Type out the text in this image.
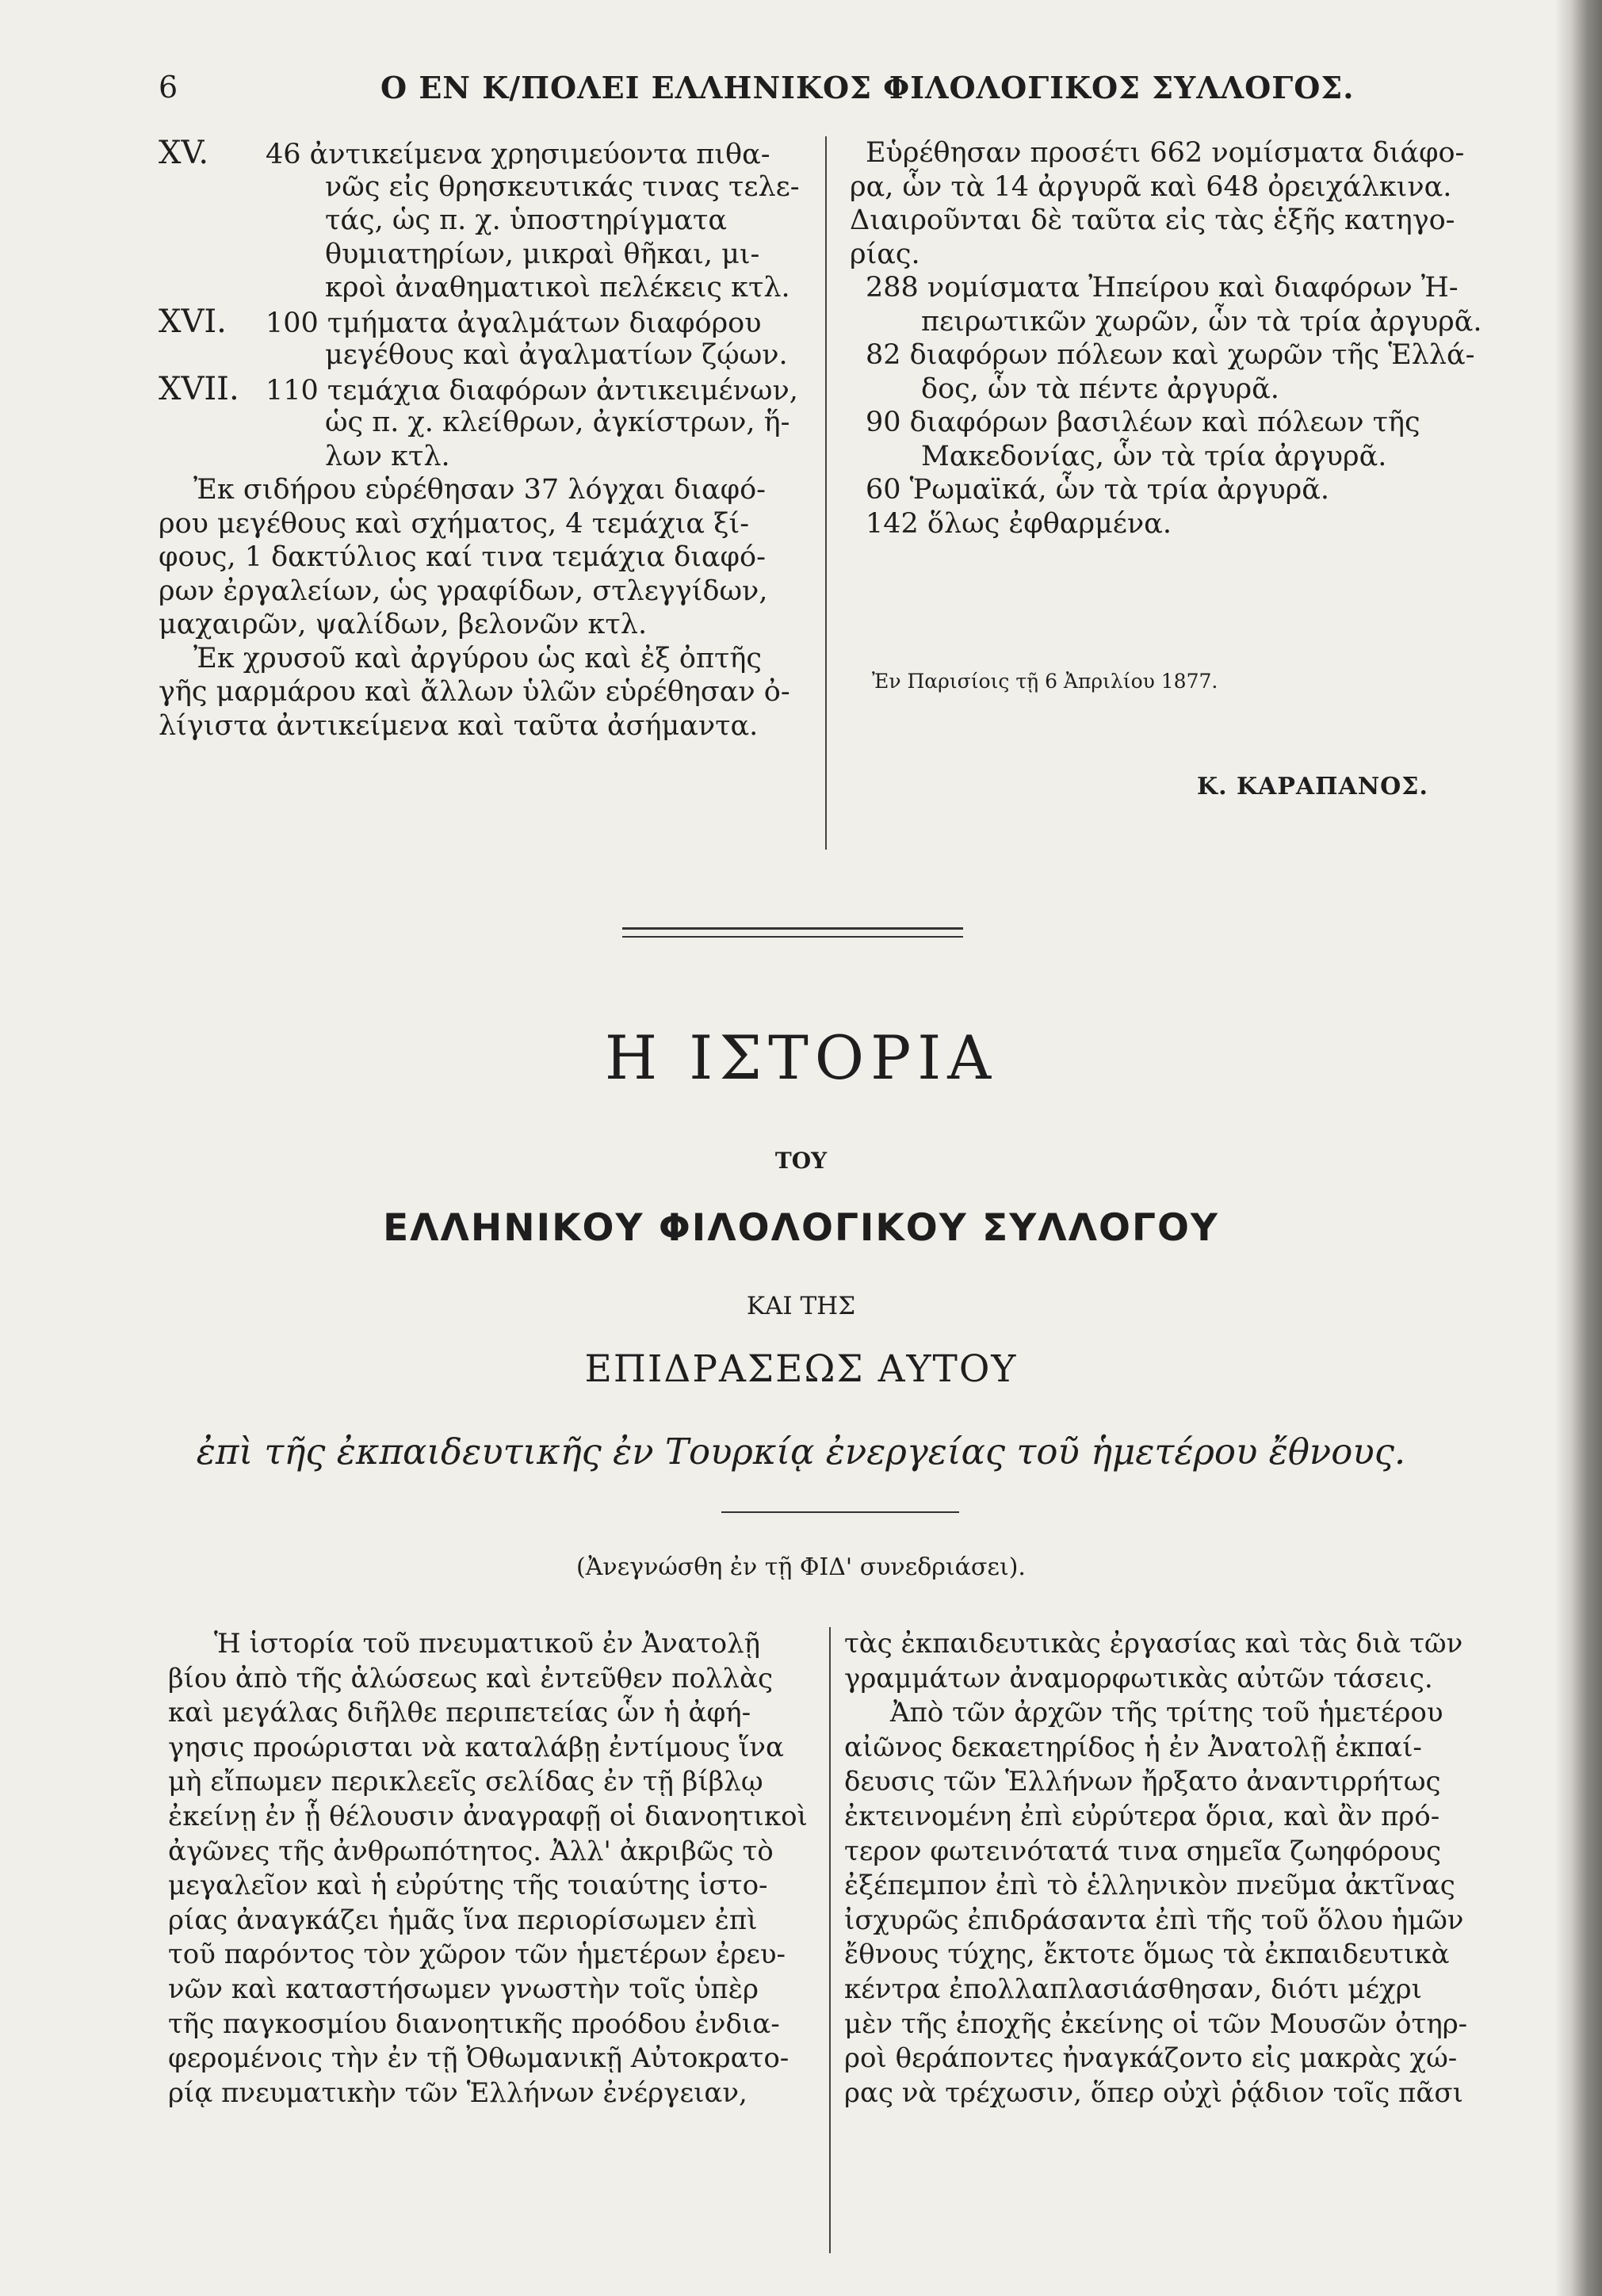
6	Ο ΕΝ Κ/ΠΟΛΕΙ ΕΛΛΗΝΙΚΟΣ ΦΙΛΟΛΟΓΙΚΟΣ ΣΥΛΛΟΓΟΣ.
XV. 46 ἀντικείμενα χρησιμεύοντα πιθα-
νῶς εἰς θρησκευτικάς τινας τελε-
τάς, ὡς π. χ. ὑποστηρίγματα
θυμιατηρίων, μικραὶ θῆκαι, μι-
κροὶ ἀναθηματικοὶ πελέκεις κτλ.
XVI. 100 τμήματα ἀγαλμάτων διαφόρου
μεγέθους καὶ ἀγαλματίων ζῴων.
XVII. 110 τεμάχια διαφόρων ἀντικειμένων,
ὡς π. χ. κλείθρων, ἀγκίστρων, ἥ-
λων κτλ.
Ἐκ σιδήρου εὑρέθησαν 37 λόγχαι διαφό-
ρου μεγέθους καὶ σχήματος, 4 τεμάχια ξί-
φους, 1 δακτύλιος καί τινα τεμάχια διαφό-
ρων ἐργαλείων, ὡς γραφίδων, στλεγγίδων,
μαχαιρῶν, ψαλίδων, βελονῶν κτλ.
Ἐκ χρυσοῦ καὶ ἀργύρου ὡς καὶ ἐξ ὀπτῆς
γῆς μαρμάρου καὶ ἄλλων ὑλῶν εὑρέθησαν ὀ-
λίγιστα ἀντικείμενα καὶ ταῦτα ἀσήμαντα.
Εὑρέθησαν προσέτι 662 νομίσματα διάφο-
ρα, ὧν τὰ 14 ἀργυρᾶ καὶ 648 ὀρειχάλκινα.
Διαιροῦνται δὲ ταῦτα εἰς τὰς ἑξῆς κατηγο-
ρίας.
288 νομίσματα Ἠπείρου καὶ διαφόρων Ἠ-
πειρωτικῶν χωρῶν, ὧν τὰ τρία ἀργυρᾶ.
82 διαφόρων πόλεων καὶ χωρῶν τῆς Ἑλλά-
δος, ὧν τὰ πέντε ἀργυρᾶ.
90 διαφόρων βασιλέων καὶ πόλεων τῆς
Μακεδονίας, ὧν τὰ τρία ἀργυρᾶ.
60 Ῥωμαϊκά, ὧν τὰ τρία ἀργυρᾶ.
142 ὅλως ἐφθαρμένα.
Ἐν Παρισίοις τῇ 6 Ἀπριλίου 1877.
Κ. ΚΑΡΑΠΑΝΟΣ.
Η ΙΣΤΟΡΙΑ
ΤΟΥ
ΕΛΛΗΝΙΚΟΥ ΦΙΛΟΛΟΓΙΚΟΥ ΣΥΛΛΟΓΟΥ
ΚΑΙ ΤΗΣ
ΕΠΙΔΡΑΣΕΩΣ ΑΥΤΟΥ
ἐπὶ τῆς ἐκπαιδευτικῆς ἐν Τουρκίᾳ ἐνεργείας τοῦ ἡμετέρου ἔθνους.
(Ἀνεγνώσθη ἐν τῇ ΦΙΔ' συνεδριάσει).
Ἡ ἱστορία τοῦ πνευματικοῦ ἐν Ἀνατολῇ
βίου ἀπὸ τῆς ἁλώσεως καὶ ἐντεῦθεν πολλὰς
καὶ μεγάλας διῆλθε περιπετείας ὧν ἡ ἀφή-
γησις προώρισται νὰ καταλάβῃ ἐντίμους ἵνα
μὴ εἴπωμεν περικλεεῖς σελίδας ἐν τῇ βίβλῳ
ἐκείνῃ ἐν ᾗ θέλουσιν ἀναγραφῇ οἱ διανοητικοὶ
ἀγῶνες τῆς ἀνθρωπότητος. Ἀλλ' ἀκριβῶς τὸ
μεγαλεῖον καὶ ἡ εὐρύτης τῆς τοιαύτης ἱστο-
ρίας ἀναγκάζει ἡμᾶς ἵνα περιορίσωμεν ἐπὶ
τοῦ παρόντος τὸν χῶρον τῶν ἡμετέρων ἐρευ-
νῶν καὶ καταστήσωμεν γνωστὴν τοῖς ὑπὲρ
τῆς παγκοσμίου διανοητικῆς προόδου ἐνδια-
φερομένοις τὴν ἐν τῇ Ὀθωμανικῇ Αὐτοκρατο-
ρίᾳ πνευματικὴν τῶν Ἑλλήνων ἐνέργειαν,
τὰς ἐκπαιδευτικὰς ἐργασίας καὶ τὰς διὰ τῶν
γραμμάτων ἀναμορφωτικὰς αὐτῶν τάσεις.
Ἀπὸ τῶν ἀρχῶν τῆς τρίτης τοῦ ἡμετέρου
αἰῶνος δεκαετηρίδος ἡ ἐν Ἀνατολῇ ἐκπαί-
δευσις τῶν Ἑλλήνων ἤρξατο ἀναντιρρήτως
ἐκτεινομένη ἐπὶ εὐρύτερα ὅρια, καὶ ἂν πρό-
τερον φωτεινότατά τινα σημεῖα ζωηφόρους
ἐξέπεμπον ἐπὶ τὸ ἑλληνικὸν πνεῦμα ἀκτῖνας
ἰσχυρῶς ἐπιδράσαντα ἐπὶ τῆς τοῦ ὅλου ἡμῶν
ἔθνους τύχης, ἔκτοτε ὅμως τὰ ἐκπαιδευτικὰ
κέντρα ἐπολλαπλασιάσθησαν, διότι μέχρι
μὲν τῆς ἐποχῆς ἐκείνης οἱ τῶν Μουσῶν ὀτηρ-
ροὶ θεράποντες ἠναγκάζοντο εἰς μακρὰς χώ-
ρας νὰ τρέχωσιν, ὅπερ οὐχὶ ῥᾴδιον τοῖς πᾶσι
